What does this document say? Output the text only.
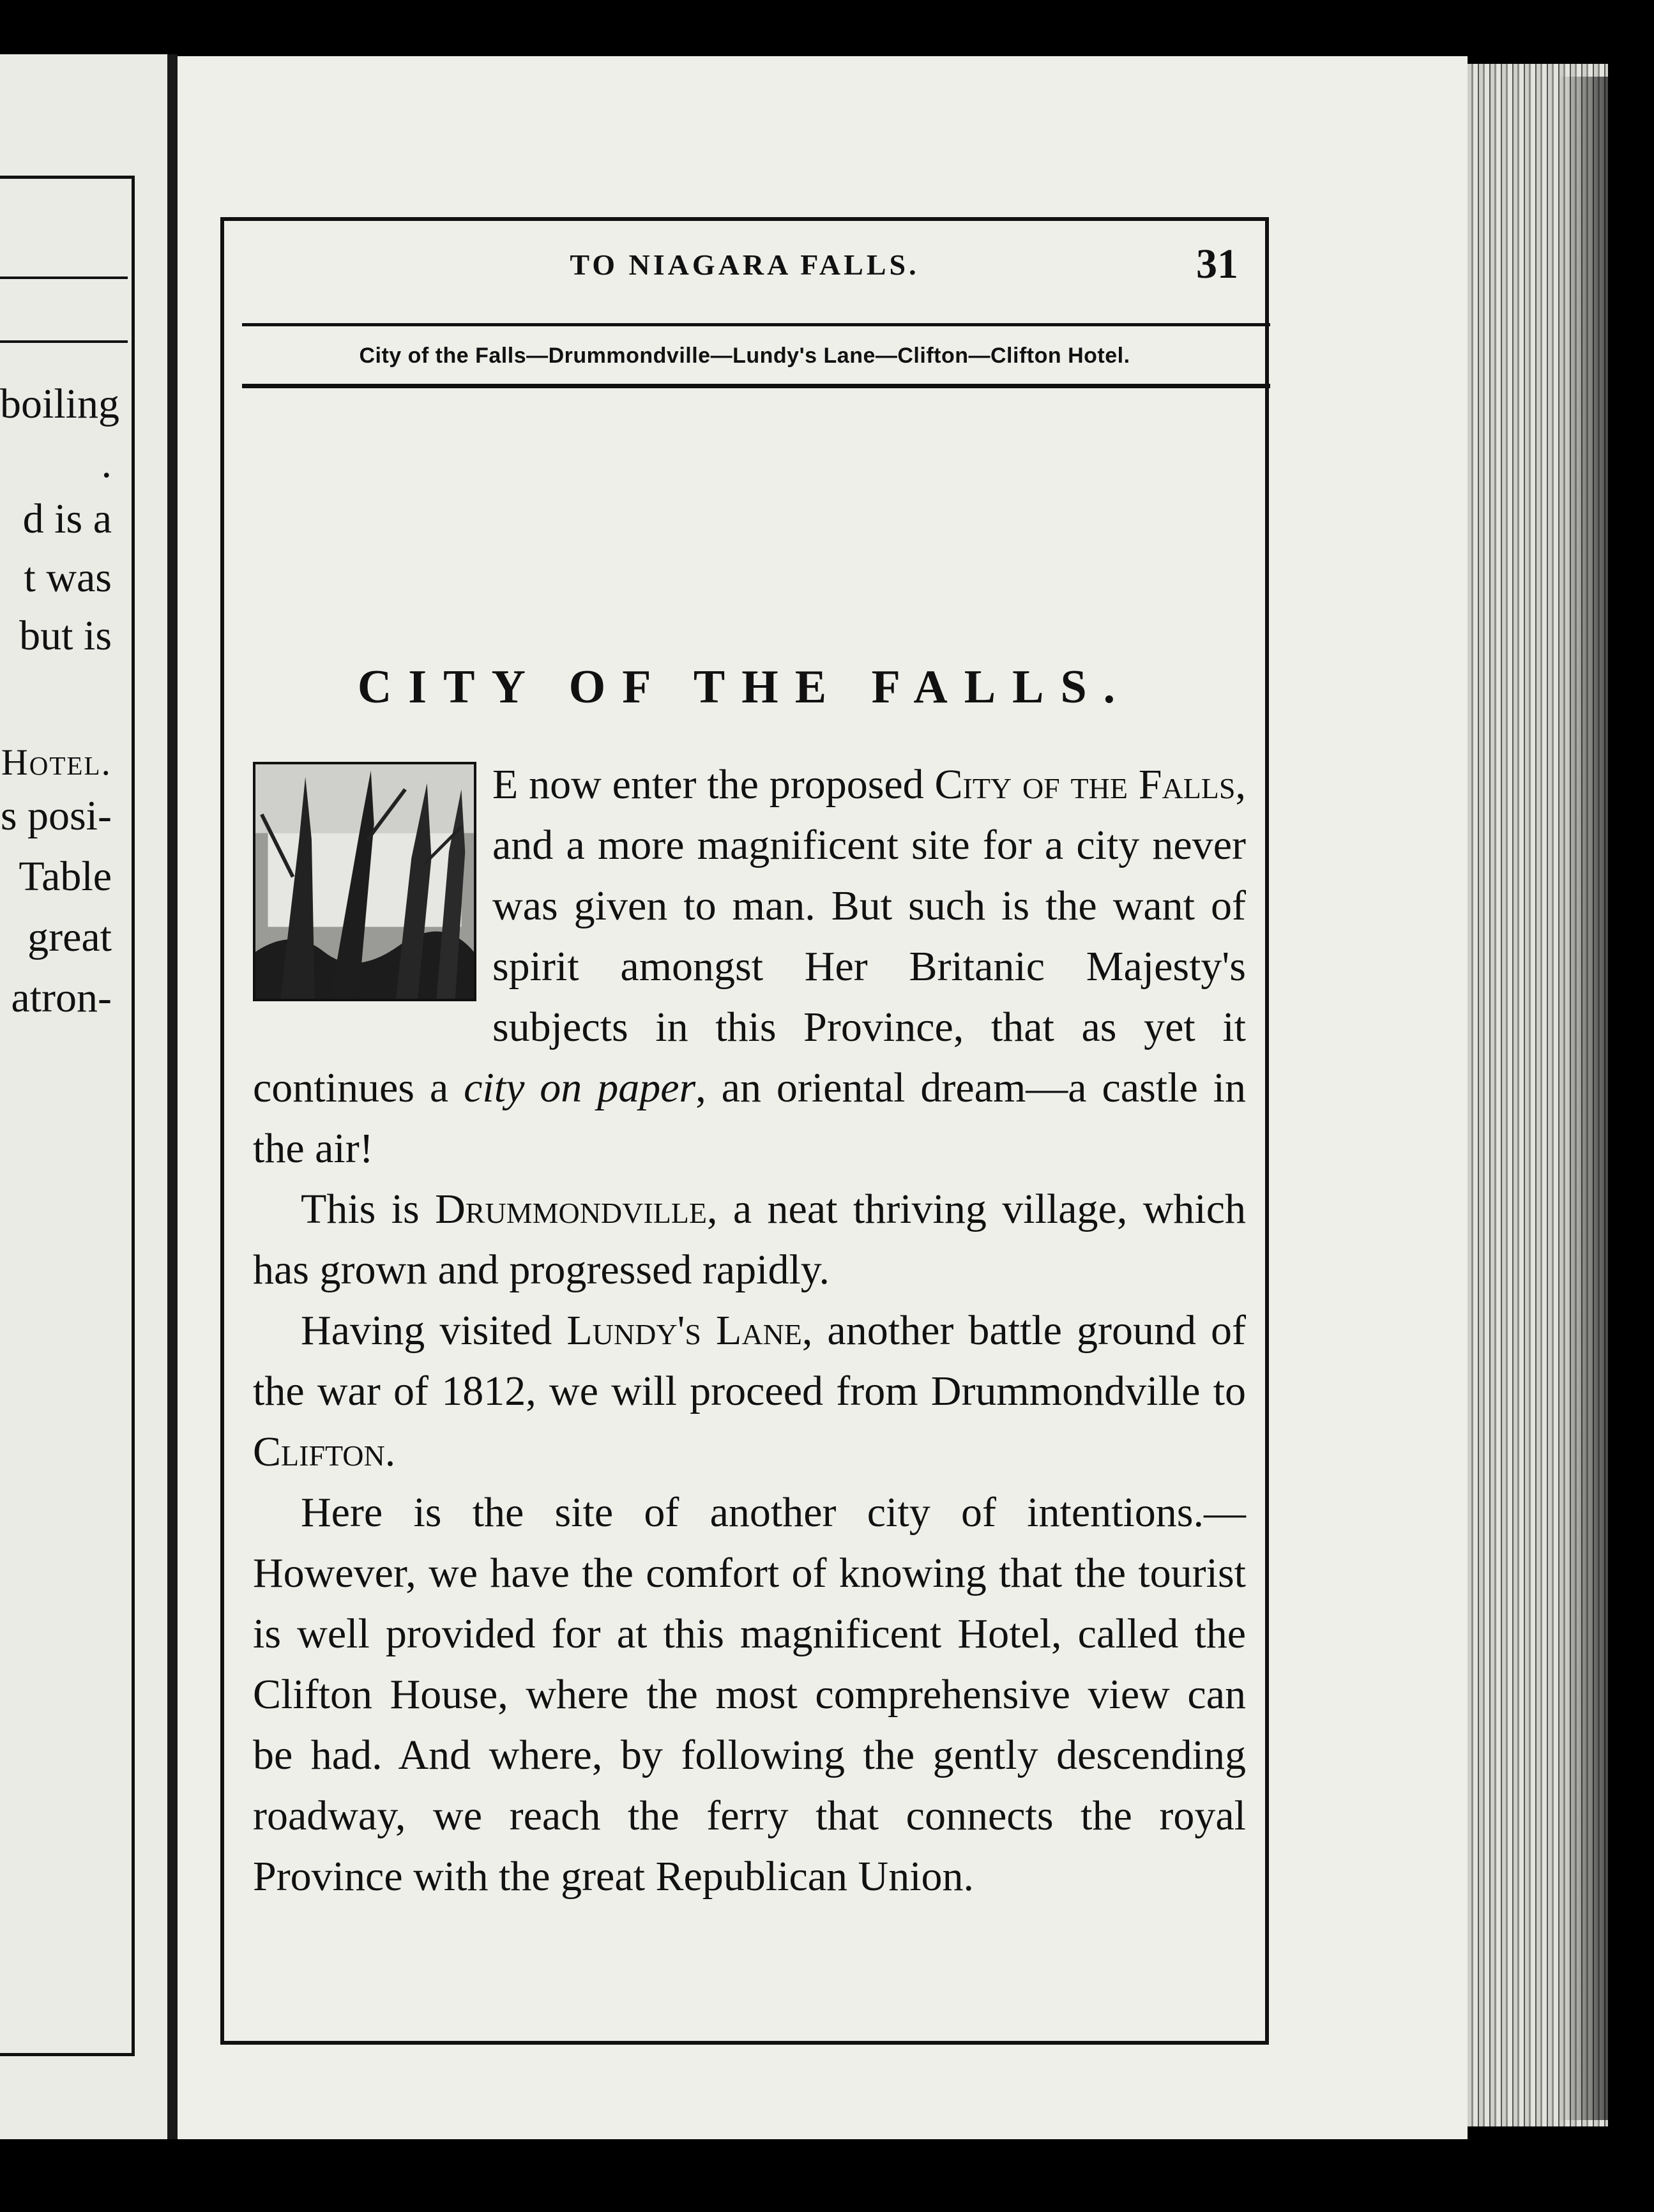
boiling
.
d is a
t was
but is
Hotel.
s posi-
Table
great
atron-
TO NIAGARA FALLS.	31
City of the Falls—Drummondville—Lundy's Lane—Clifton—Clifton Hotel.
CITY OF THE FALLS.

E now enter the proposed City of the Falls, and a more magnificent site for a city never was given to man. But such is the want of spirit amongst Her Britanic Majesty's subjects in this Province, that as yet it continues a city on paper, an oriental dream—a castle in the air!

This is Drummondville, a neat thriving village, which has grown and progressed rapidly.

Having visited Lundy's Lane, another battle ground of the war of 1812, we will proceed from Drummondville to Clifton.

Here is the site of another city of intentions.—However, we have the comfort of knowing that the tourist is well provided for at this magnificent Hotel, called the Clifton House, where the most comprehensive view can be had. And where, by following the gently descending roadway, we reach the ferry that connects the royal Province with the great Republican Union.
